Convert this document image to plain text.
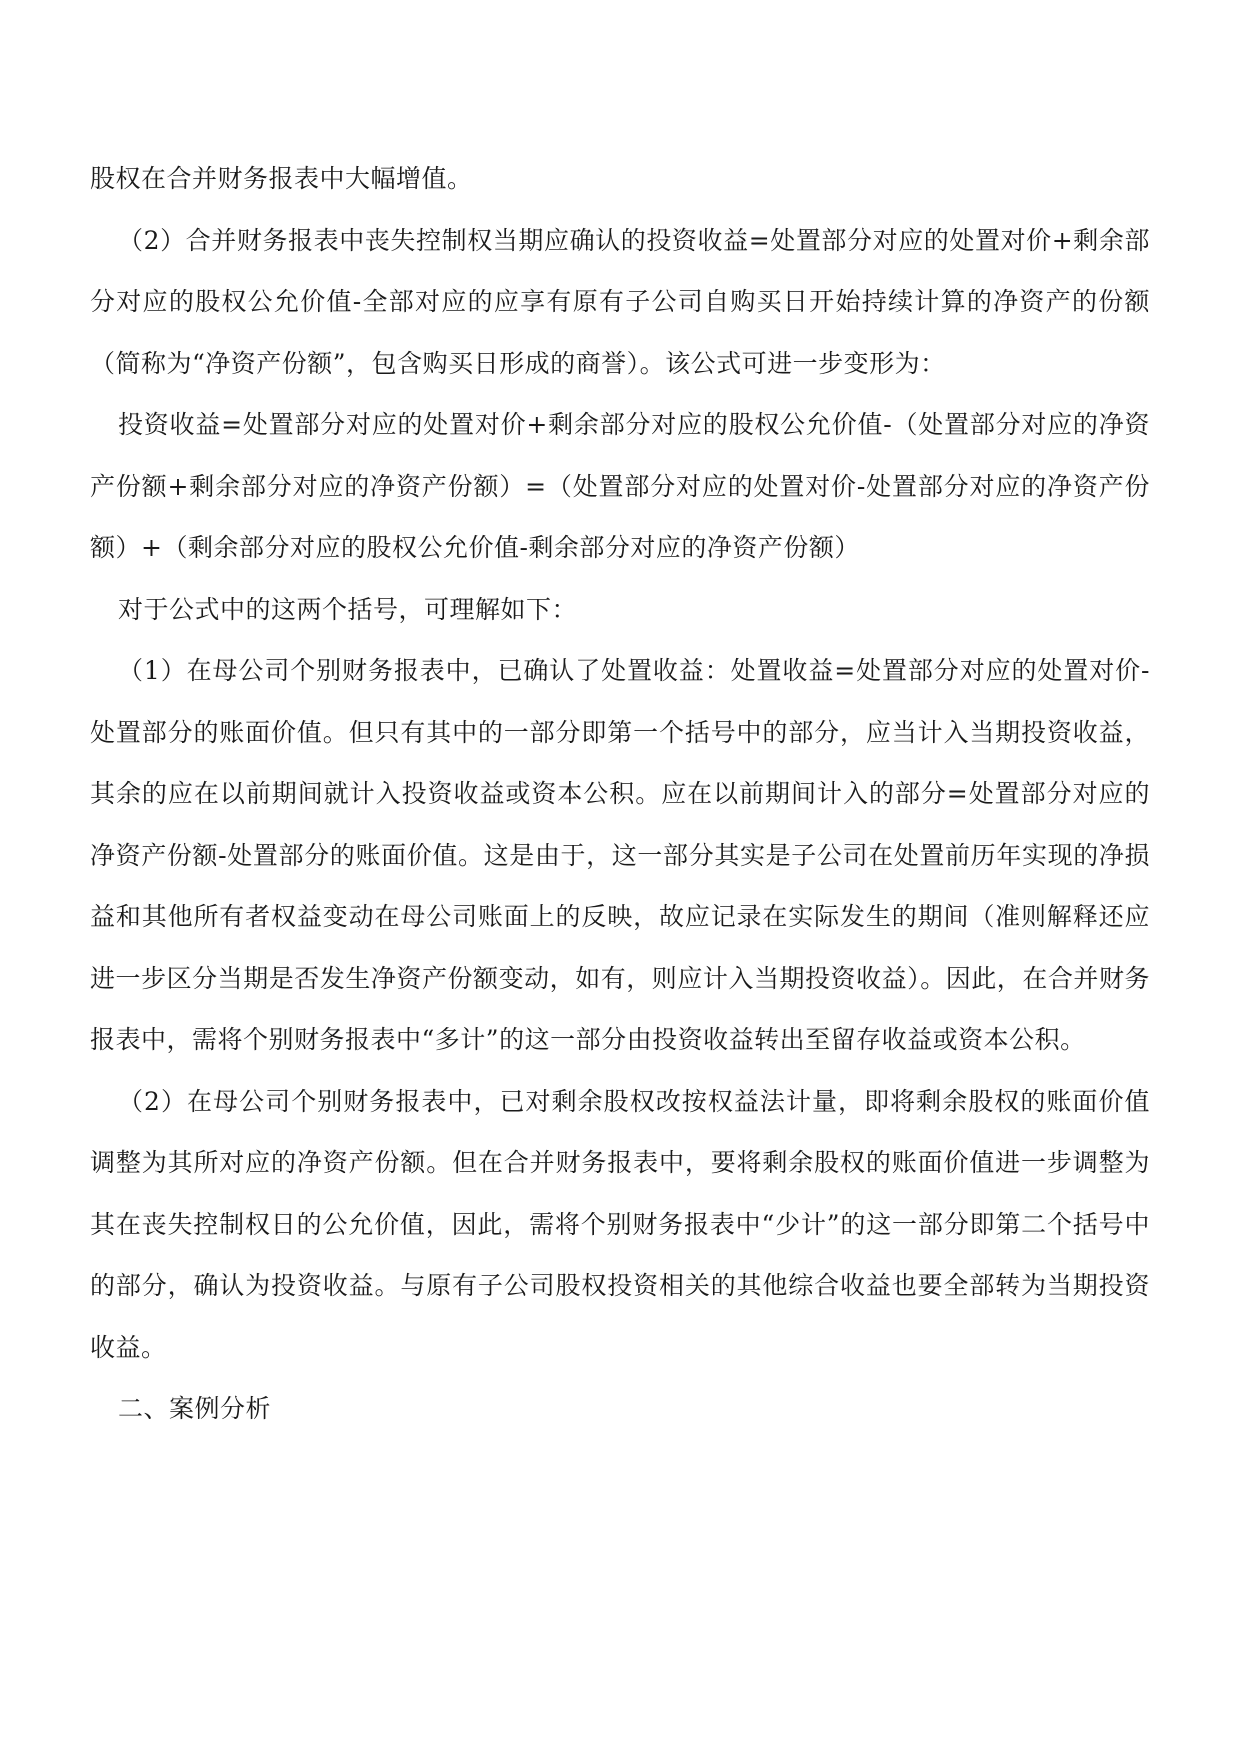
股权在合并财务报表中大幅增值。

（2）合并财务报表中丧失控制权当期应确认的投资收益=处置部分对应的处置对价+剩余部分对应的股权公允价值-全部对应的应享有原有子公司自购买日开始持续计算的净资产的份额（简称为“净资产份额”，包含购买日形成的商誉）。该公式可进一步变形为：

投资收益=处置部分对应的处置对价+剩余部分对应的股权公允价值-（处置部分对应的净资产份额+剩余部分对应的净资产份额）=（处置部分对应的处置对价-处置部分对应的净资产份额）+（剩余部分对应的股权公允价值-剩余部分对应的净资产份额）

对于公式中的这两个括号，可理解如下：

（1）在母公司个别财务报表中，已确认了处置收益：处置收益=处置部分对应的处置对价-处置部分的账面价值。但只有其中的一部分即第一个括号中的部分，应当计入当期投资收益，其余的应在以前期间就计入投资收益或资本公积。应在以前期间计入的部分=处置部分对应的净资产份额-处置部分的账面价值。这是由于，这一部分其实是子公司在处置前历年实现的净损益和其他所有者权益变动在母公司账面上的反映，故应记录在实际发生的期间（准则解释还应进一步区分当期是否发生净资产份额变动，如有，则应计入当期投资收益）。因此，在合并财务报表中，需将个别财务报表中“多计”的这一部分由投资收益转出至留存收益或资本公积。

（2）在母公司个别财务报表中，已对剩余股权改按权益法计量，即将剩余股权的账面价值调整为其所对应的净资产份额。但在合并财务报表中，要将剩余股权的账面价值进一步调整为其在丧失控制权日的公允价值，因此，需将个别财务报表中“少计”的这一部分即第二个括号中的部分，确认为投资收益。与原有子公司股权投资相关的其他综合收益也要全部转为当期投资收益。

二、案例分析
